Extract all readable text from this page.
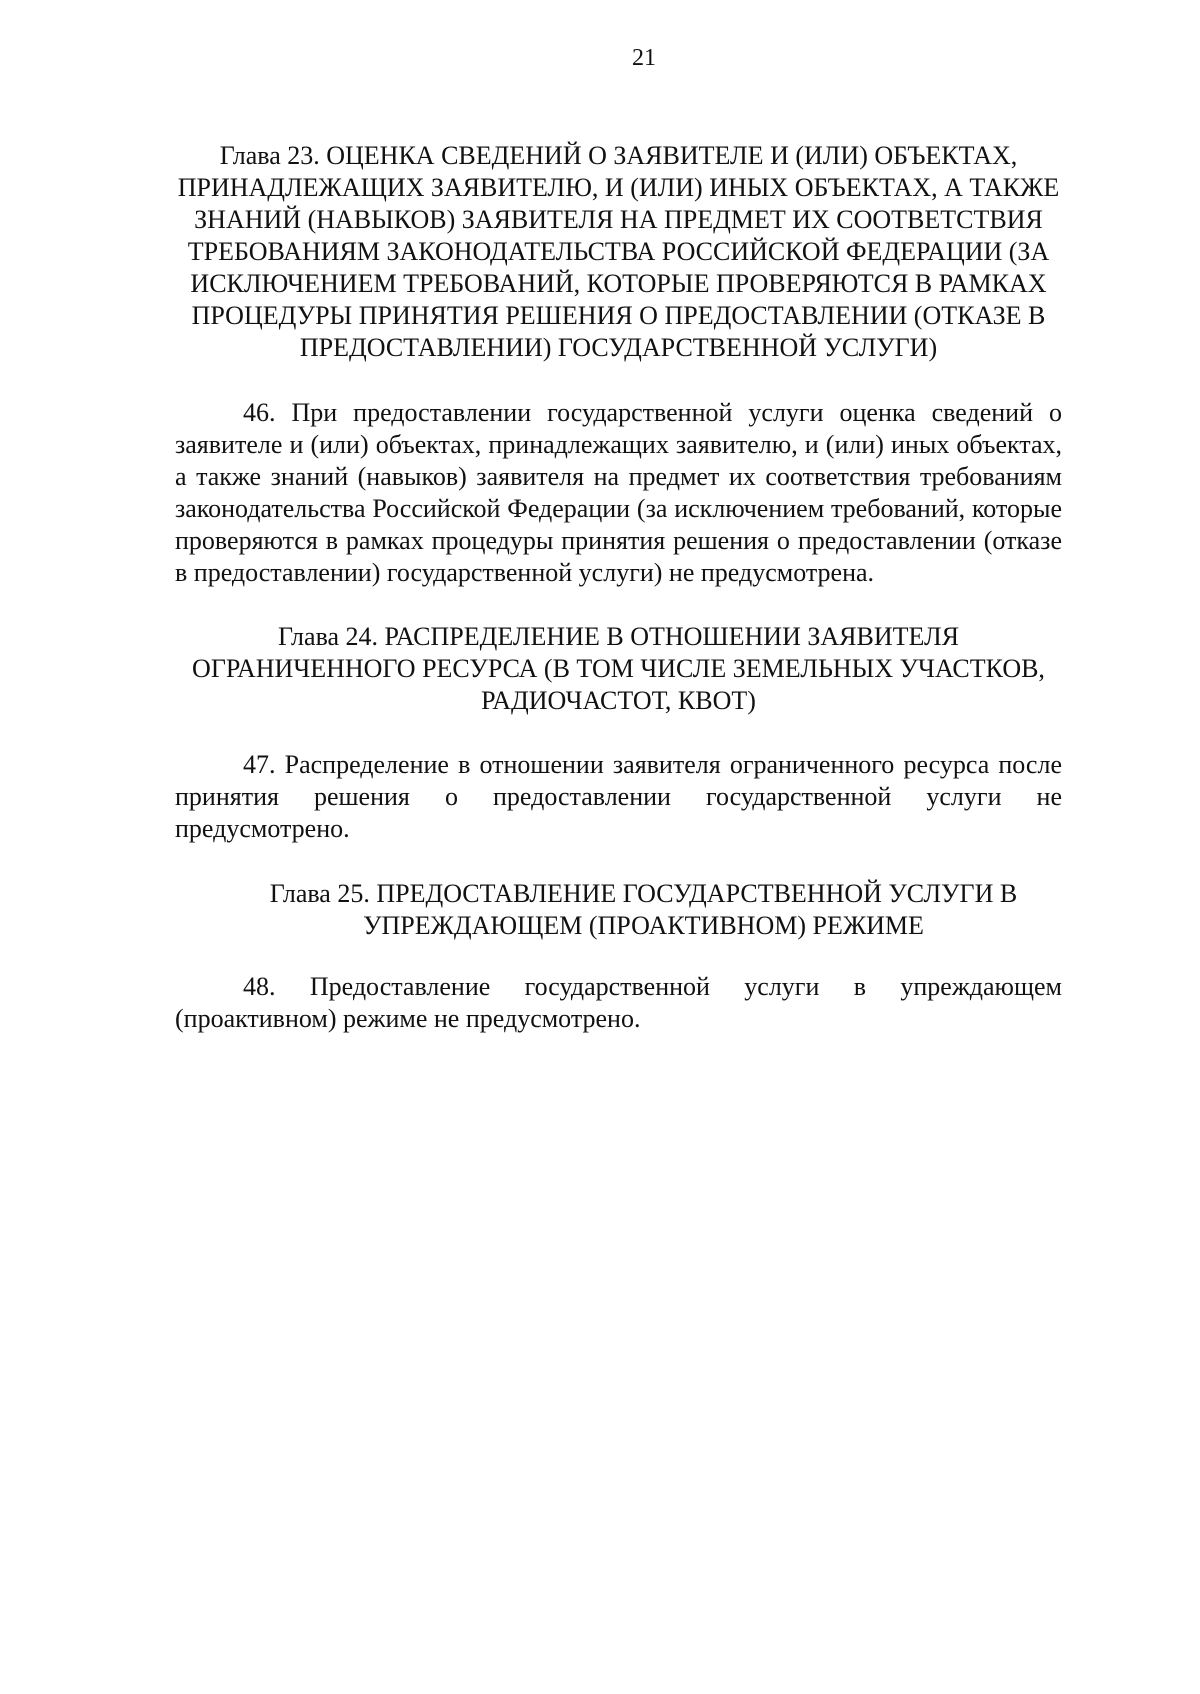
21
Глава 23. ОЦЕНКА СВЕДЕНИЙ О ЗАЯВИТЕЛЕ И (ИЛИ) ОБЪЕКТАХ,
ПРИНАДЛЕЖАЩИХ ЗАЯВИТЕЛЮ, И (ИЛИ) ИНЫХ ОБЪЕКТАХ, А ТАКЖЕ
ЗНАНИЙ (НАВЫКОВ) ЗАЯВИТЕЛЯ НА ПРЕДМЕТ ИХ СООТВЕТСТВИЯ
ТРЕБОВАНИЯМ ЗАКОНОДАТЕЛЬСТВА РОССИЙСКОЙ ФЕДЕРАЦИИ (ЗА
ИСКЛЮЧЕНИЕМ ТРЕБОВАНИЙ, КОТОРЫЕ ПРОВЕРЯЮТСЯ В РАМКАХ
ПРОЦЕДУРЫ ПРИНЯТИЯ РЕШЕНИЯ О ПРЕДОСТАВЛЕНИИ (ОТКАЗЕ В
ПРЕДОСТАВЛЕНИИ) ГОСУДАРСТВЕННОЙ УСЛУГИ)

46. При предоставлении государственной услуги оценка сведений о заявителе и (или) объектах, принадлежащих заявителю, и (или) иных объектах, а также знаний (навыков) заявителя на предмет их соответствия требованиям законодательства Российской Федерации (за исключением требований, которые проверяются в рамках процедуры принятия решения о предоставлении (отказе в предоставлении) государственной услуги) не предусмотрена.

Глава 24. РАСПРЕДЕЛЕНИЕ В ОТНОШЕНИИ ЗАЯВИТЕЛЯ
ОГРАНИЧЕННОГО РЕСУРСА (В ТОМ ЧИСЛЕ ЗЕМЕЛЬНЫХ УЧАСТКОВ,
РАДИОЧАСТОТ, КВОТ)

47. Распределение в отношении заявителя ограниченного ресурса после принятия решения о предоставлении государственной услуги не предусмотрено.

Глава 25. ПРЕДОСТАВЛЕНИЕ ГОСУДАРСТВЕННОЙ УСЛУГИ В
УПРЕЖДАЮЩЕМ (ПРОАКТИВНОМ) РЕЖИМЕ

48. Предоставление государственной услуги в упреждающем (проактивном) режиме не предусмотрено.
